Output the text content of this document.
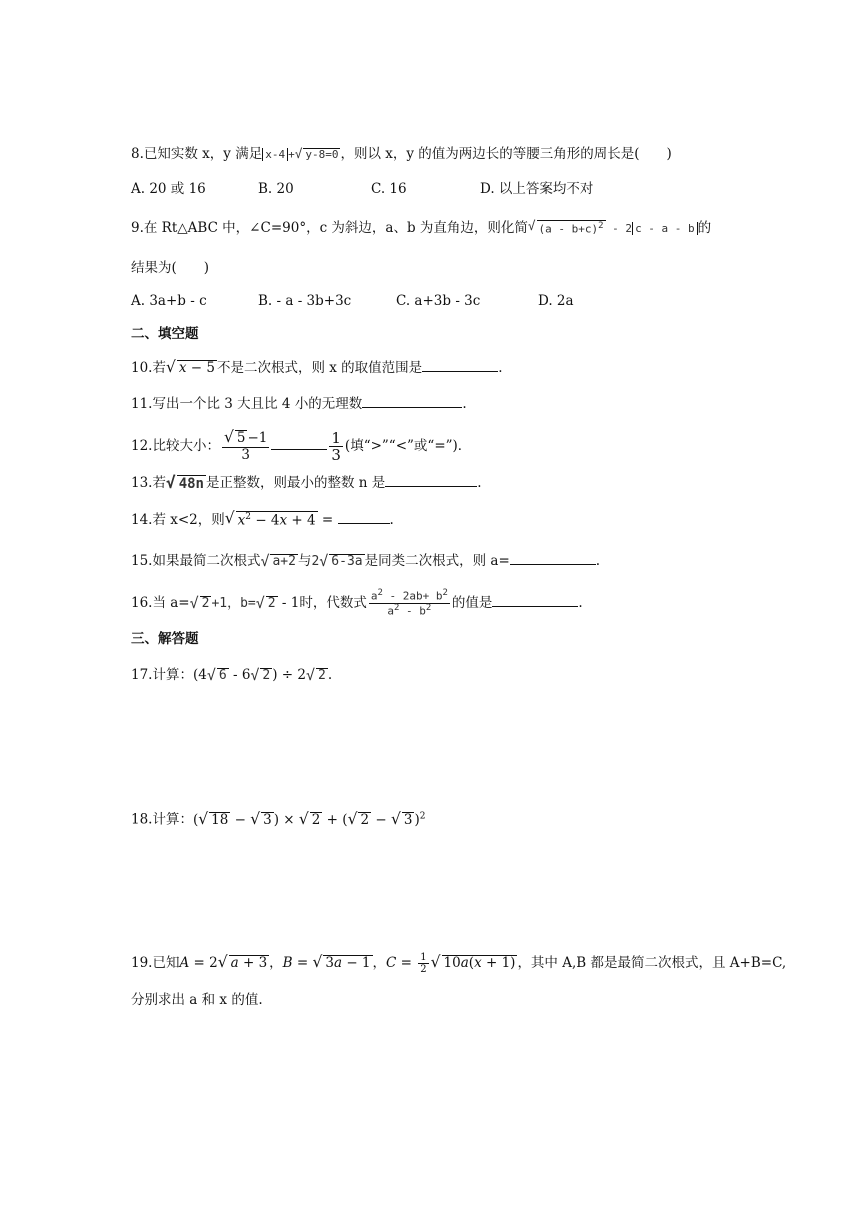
8.已知实数 x，y 满足 x-4 + √ y-8=0 ，则以 x，y 的值为两边长的等腰三角形的周长是(　　)
A. 20 或 16	B. 20	C. 16	D. 以上答案均不对
9.在 Rt△ABC 中，∠C=90°，c 为斜边，a、b 为直角边，则化简 √ $(a - b+c)^2 - 2$ c - a - b 的
结果为(　　)
A. 3a+b - c	B. - a - 3b+3c	C. a+3b - 3c	D. 2a
二、填空题
10.若 √ x − 5 不是二次根式，则 x 的取值范围是	.
11.写出一个比 3 大且比 4 小的无理数	.
12.比较大小： $\frac{√ 5 -1}{3}$	$\frac{1}{3}$ (填“>”“<”或“=”)．
13.若 √ 48n 是正整数，则最小的整数 n 是	.
14.若 x<2，则 √ $x^2 - 4x + 4$ =	.
15.如果最简二次根式 √ a+2 与2 √ 6-3a 是同类二次根式，则 a=	.
16.当 a= √ 2 +1，b= √ 2 - 1时，代数式 $\frac{a^2 - 2ab+ b^2}{a^2 - b^2}$ 的值是	.
三、解答题
17.计算：(4 √ 6 - 6 √ 2 ) ÷ 2 √ 2 .
18.计算：( √ 18 − √ 3 ) × √ 2 + ( √ 2 − √ 3 )$^2$
19.已知A = 2 √ a + 3 ，B = √ 3a − 1 ，$C = \frac{1}{2}$ √ 10a(x + 1) ，其中 A,B 都是最简二次根式，且 A+B=C,
分别求出 a 和 x 的值.
